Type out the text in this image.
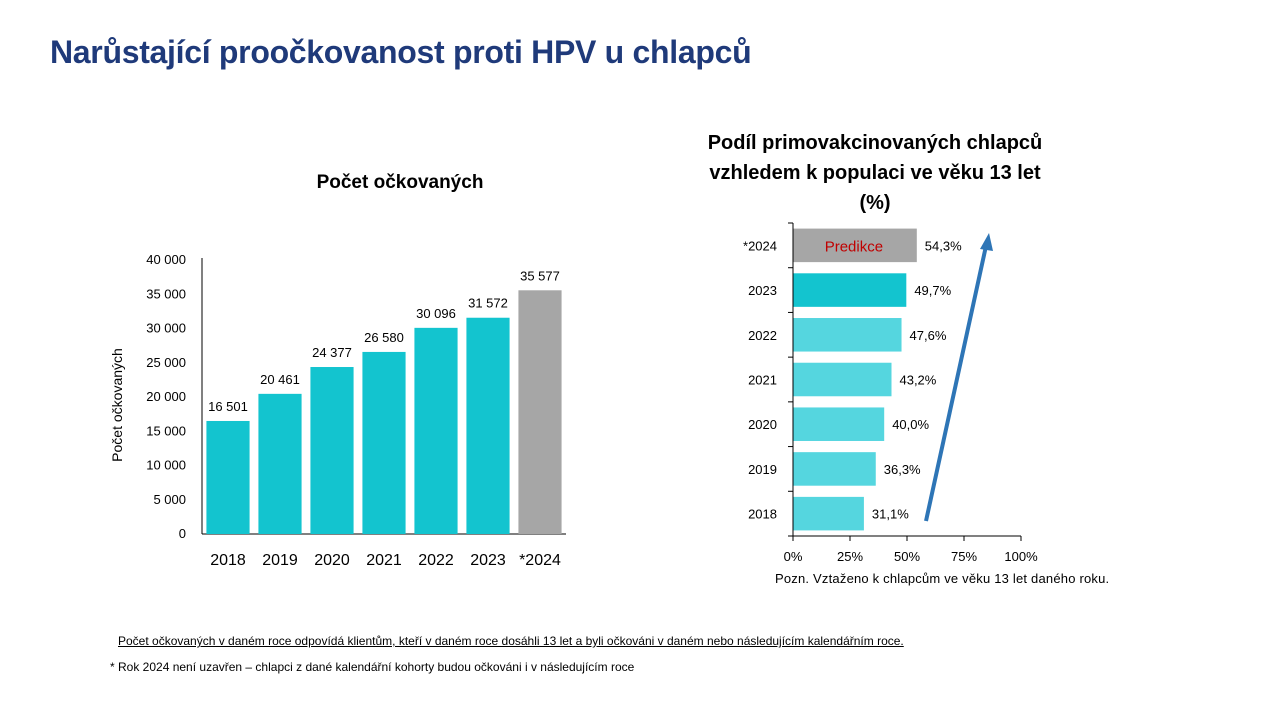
Narůstající proočkovanost proti HPV u chlapců
Počet očkovaných
Podíl primovakcinovaných chlapců vzhledem k populaci ve věku 13 let (%)
0
5 000
10 000
15 000
20 000
25 000
30 000
35 000
40 000
Počet očkovaných	16 501
2018
20 461
2019
24 377
2020
26 580
2021
30 096
2022
31 572
2023
35 577
*2024
54,3%
*2024
49,7%
2023
47,6%
2022
43,2%
2021
40,0%
2020
36,3%
2019
31,1%
2018
Predikce
0%	25% 50% 75% 100%
Pozn. Vztaženo k chlapcům ve věku 13 let daného roku.
Počet očkovaných v daném roce odpovídá klientům, kteří v daném roce dosáhli 13 let a byli očkováni v daném nebo následujícím kalendářním roce.
* Rok 2024 není uzavřen – chlapci z dané kalendářní kohorty budou očkováni i v následujícím roce
